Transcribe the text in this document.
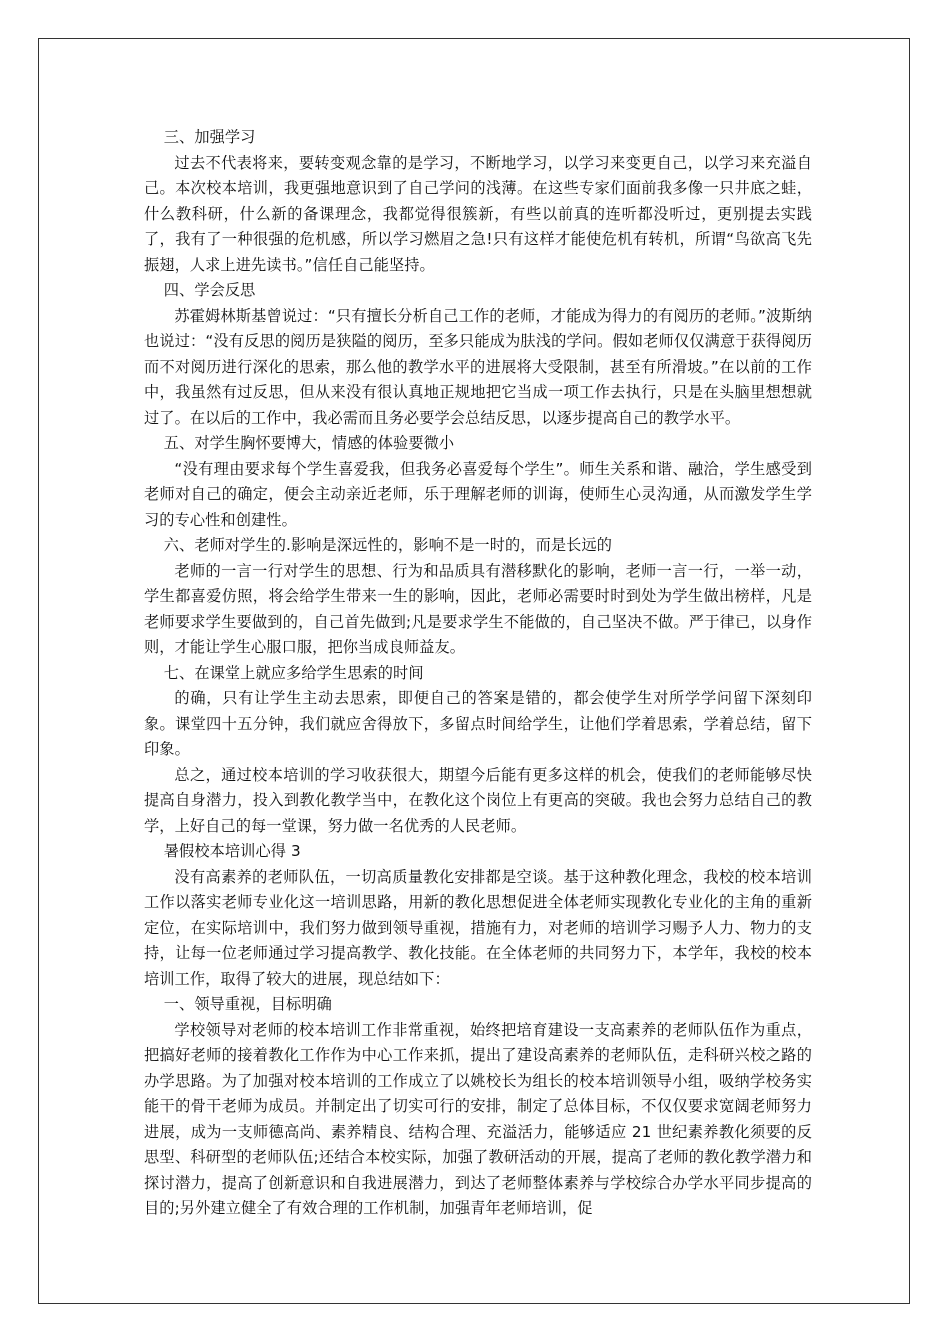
三、加强学习

过去不代表将来，要转变观念靠的是学习，不断地学习，以学习来变更自己，以学习来充溢自己。本次校本培训，我更强地意识到了自己学问的浅薄。在这些专家们面前我多像一只井底之蛙，什么教科研，什么新的备课理念，我都觉得很簇新，有些以前真的连听都没听过，更别提去实践了，我有了一种很强的危机感，所以学习燃眉之急!只有这样才能使危机有转机，所谓“鸟欲高飞先振翅，人求上进先读书。”信任自己能坚持。

四、学会反思

苏霍姆林斯基曾说过：“只有擅长分析自己工作的老师，才能成为得力的有阅历的老师。”波斯纳也说过：“没有反思的阅历是狭隘的阅历，至多只能成为肤浅的学问。假如老师仅仅满意于获得阅历而不对阅历进行深化的思索，那么他的教学水平的进展将大受限制，甚至有所滑坡。”在以前的工作中，我虽然有过反思，但从来没有很认真地正规地把它当成一项工作去执行，只是在头脑里想想就过了。在以后的工作中，我必需而且务必要学会总结反思，以逐步提高自己的教学水平。

五、对学生胸怀要博大，情感的体验要微小

“没有理由要求每个学生喜爱我，但我务必喜爱每个学生”。师生关系和谐、融洽，学生感受到老师对自己的确定，便会主动亲近老师，乐于理解老师的训诲，使师生心灵沟通，从而激发学生学习的专心性和创建性。

六、老师对学生的.影响是深远性的，影响不是一时的，而是长远的

老师的一言一行对学生的思想、行为和品质具有潜移默化的影响，老师一言一行，一举一动，学生都喜爱仿照，将会给学生带来一生的影响，因此，老师必需要时时到处为学生做出榜样，凡是老师要求学生要做到的，自己首先做到;凡是要求学生不能做的，自己坚决不做。严于律已，以身作则，才能让学生心服口服，把你当成良师益友。

七、在课堂上就应多给学生思索的时间

的确，只有让学生主动去思索，即便自己的答案是错的，都会使学生对所学学问留下深刻印象。课堂四十五分钟，我们就应舍得放下，多留点时间给学生，让他们学着思索，学着总结，留下印象。

总之，通过校本培训的学习收获很大，期望今后能有更多这样的机会，使我们的老师能够尽快提高自身潜力，投入到教化教学当中，在教化这个岗位上有更高的突破。我也会努力总结自己的教学，上好自己的每一堂课，努力做一名优秀的人民老师。

暑假校本培训心得 3

没有高素养的老师队伍，一切高质量教化安排都是空谈。基于这种教化理念，我校的校本培训工作以落实老师专业化这一培训思路，用新的教化思想促进全体老师实现教化专业化的主角的重新定位，在实际培训中，我们努力做到领导重视，措施有力，对老师的培训学习赐予人力、物力的支持，让每一位老师通过学习提高教学、教化技能。在全体老师的共同努力下，本学年，我校的校本培训工作，取得了较大的进展，现总结如下：

一、领导重视，目标明确

学校领导对老师的校本培训工作非常重视，始终把培育建设一支高素养的老师队伍作为重点，把搞好老师的接着教化工作作为中心工作来抓，提出了建设高素养的老师队伍，走科研兴校之路的办学思路。为了加强对校本培训的工作成立了以姚校长为组长的校本培训领导小组，吸纳学校务实能干的骨干老师为成员。并制定出了切实可行的安排，制定了总体目标，不仅仅要求宽阔老师努力进展，成为一支师德高尚、素养精良、结构合理、充溢活力，能够适应 21 世纪素养教化须要的反思型、科研型的老师队伍;还结合本校实际，加强了教研活动的开展，提高了老师的教化教学潜力和探讨潜力，提高了创新意识和自我进展潜力，到达了老师整体素养与学校综合办学水平同步提高的目的;另外建立健全了有效合理的工作机制，加强青年老师培训，促
